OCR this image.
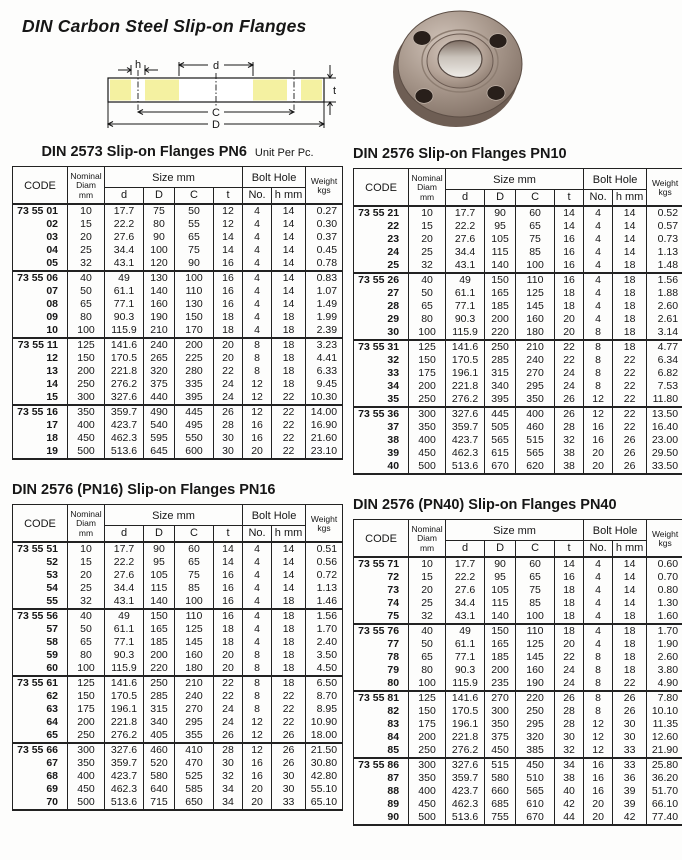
DIN Carbon Steel Slip-on Flanges
h	d
t
C
D
DIN 2573 Slip-on Flanges PN6 Unit Per Pc.
CODE	
Nominal
Diam
mm
	Size mm	Bolt Hole	Weight
kgs

		d	D	C	t	No.	h mm	
73 55 01	10	17.7	75	50	12	4	14	0.27
02	15	22.2	80	55	12	4	14	0.30
03	20	27.6	90	65	14	4	14	0.37
04	25	34.4	100	75	14	4	14	0.45
05	32	43.1	120	90	16	4	14	0.78
73 55 06	40	49	130	100	16	4	14	0.83
07	50	61.1	140	110	16	4	14	1.07
08	65	77.1	160	130	16	4	14	1.49
09	80	90.3	190	150	18	4	18	1.99
10	100	115.9	210	170	18	4	18	2.39
73 55 11	125	141.6	240	200	20	8	18	3.23
12	150	170.5	265	225	20	8	18	4.41
13	200	221.8	320	280	22	8	18	6.33
14	250	276.2	375	335	24	12	18	9.45
15	300	327.6	440	395	24	12	22	10.30
73 55 16	350	359.7	490	445	26	12	22	14.00
17	400	423.7	540	495	28	16	22	16.90
18	450	462.3	595	550	30	16	22	21.60
19	500	513.6	645	600	30	20	22	23.10
DIN 2576 (PN16) Slip-on Flanges PN16
CODE	
Nominal
Diam
mm
	Size mm	Bolt Hole	Weight
kgs

		d	D	C	t	No.	h mm	
73 55 51	10	17.7	90	60	14	4	14	0.51
52	15	22.2	95	65	14	4	14	0.56
53	20	27.6	105	75	16	4	14	0.72
54	25	34.4	115	85	16	4	14	1.13
55	32	43.1	140	100	16	4	18	1.46
73 55 56	40	49	150	110	16	4	18	1.56
57	50	61.1	165	125	18	4	18	1.70
58	65	77.1	185	145	18	4	18	2.40
59	80	90.3	200	160	20	8	18	3.50
60	100	115.9	220	180	20	8	18	4.50
73 55 61	125	141.6	250	210	22	8	18	6.50
62	150	170.5	285	240	22	8	22	8.70
63	175	196.1	315	270	24	8	22	8.95
64	200	221.8	340	295	24	12	22	10.90
65	250	276.2	405	355	26	12	26	18.00
73 55 66	300	327.6	460	410	28	12	26	21.50
67	350	359.7	520	470	30	16	26	30.80
68	400	423.7	580	525	32	16	30	42.80
69	450	462.3	640	585	34	20	30	55.10
70	500	513.6	715	650	34	20	33	65.10
DIN 2576 Slip-on Flanges PN10
CODE	
Nominal
Diam
mm
	Size mm	Bolt Hole	Weight
kgs

		d	D	C	t	No.	h mm	
73 55 21	10	17.7	90	60	14	4	14	0.52
22	15	22.2	95	65	14	4	14	0.57
23	20	27.6	105	75	16	4	14	0.73
24	25	34.4	115	85	16	4	14	1.13
25	32	43.1	140	100	16	4	18	1.48
73 55 26	40	49	150	110	16	4	18	1.56
27	50	61.1	165	125	18	4	18	1.88
28	65	77.1	185	145	18	4	18	2.60
29	80	90.3	200	160	20	4	18	2.61
30	100	115.9	220	180	20	8	18	3.14
73 55 31	125	141.6	250	210	22	8	18	4.77
32	150	170.5	285	240	22	8	22	6.34
33	175	196.1	315	270	24	8	22	6.82
34	200	221.8	340	295	24	8	22	7.53
35	250	276.2	395	350	26	12	22	11.80
73 55 36	300	327.6	445	400	26	12	22	13.50
37	350	359.7	505	460	28	16	22	16.40
38	400	423.7	565	515	32	16	26	23.00
39	450	462.3	615	565	38	20	26	29.50
40	500	513.6	670	620	38	20	26	33.50
DIN 2576 (PN40) Slip-on Flanges PN40
CODE	
Nominal
Diam
mm
	Size mm	Bolt Hole	Weight
kgs

		d	D	C	t	No.	h mm	
73 55 71	10	17.7	90	60	14	4	14	0.60
72	15	22.2	95	65	16	4	14	0.70
73	20	27.6	105	75	18	4	14	0.80
74	25	34.4	115	85	18	4	14	1.30
75	32	43.1	140	100	18	4	18	1.60
73 55 76	40	49	150	110	18	4	18	1.70
77	50	61.1	165	125	20	4	18	1.90
78	65	77.1	185	145	22	8	18	2.60
79	80	90.3	200	160	24	8	18	3.80
80	100	115.9	235	190	24	8	22	4.90
73 55 81	125	141.6	270	220	26	8	26	7.80
82	150	170.5	300	250	28	8	26	10.10
83	175	196.1	350	295	28	12	30	11.35
84	200	221.8	375	320	30	12	30	12.60
85	250	276.2	450	385	32	12	33	21.90
73 55 86	300	327.6	515	450	34	16	33	25.80
87	350	359.7	580	510	38	16	36	36.20
88	400	423.7	660	565	40	16	39	51.70
89	450	462.3	685	610	42	20	39	66.10
90	500	513.6	755	670	44	20	42	77.40
